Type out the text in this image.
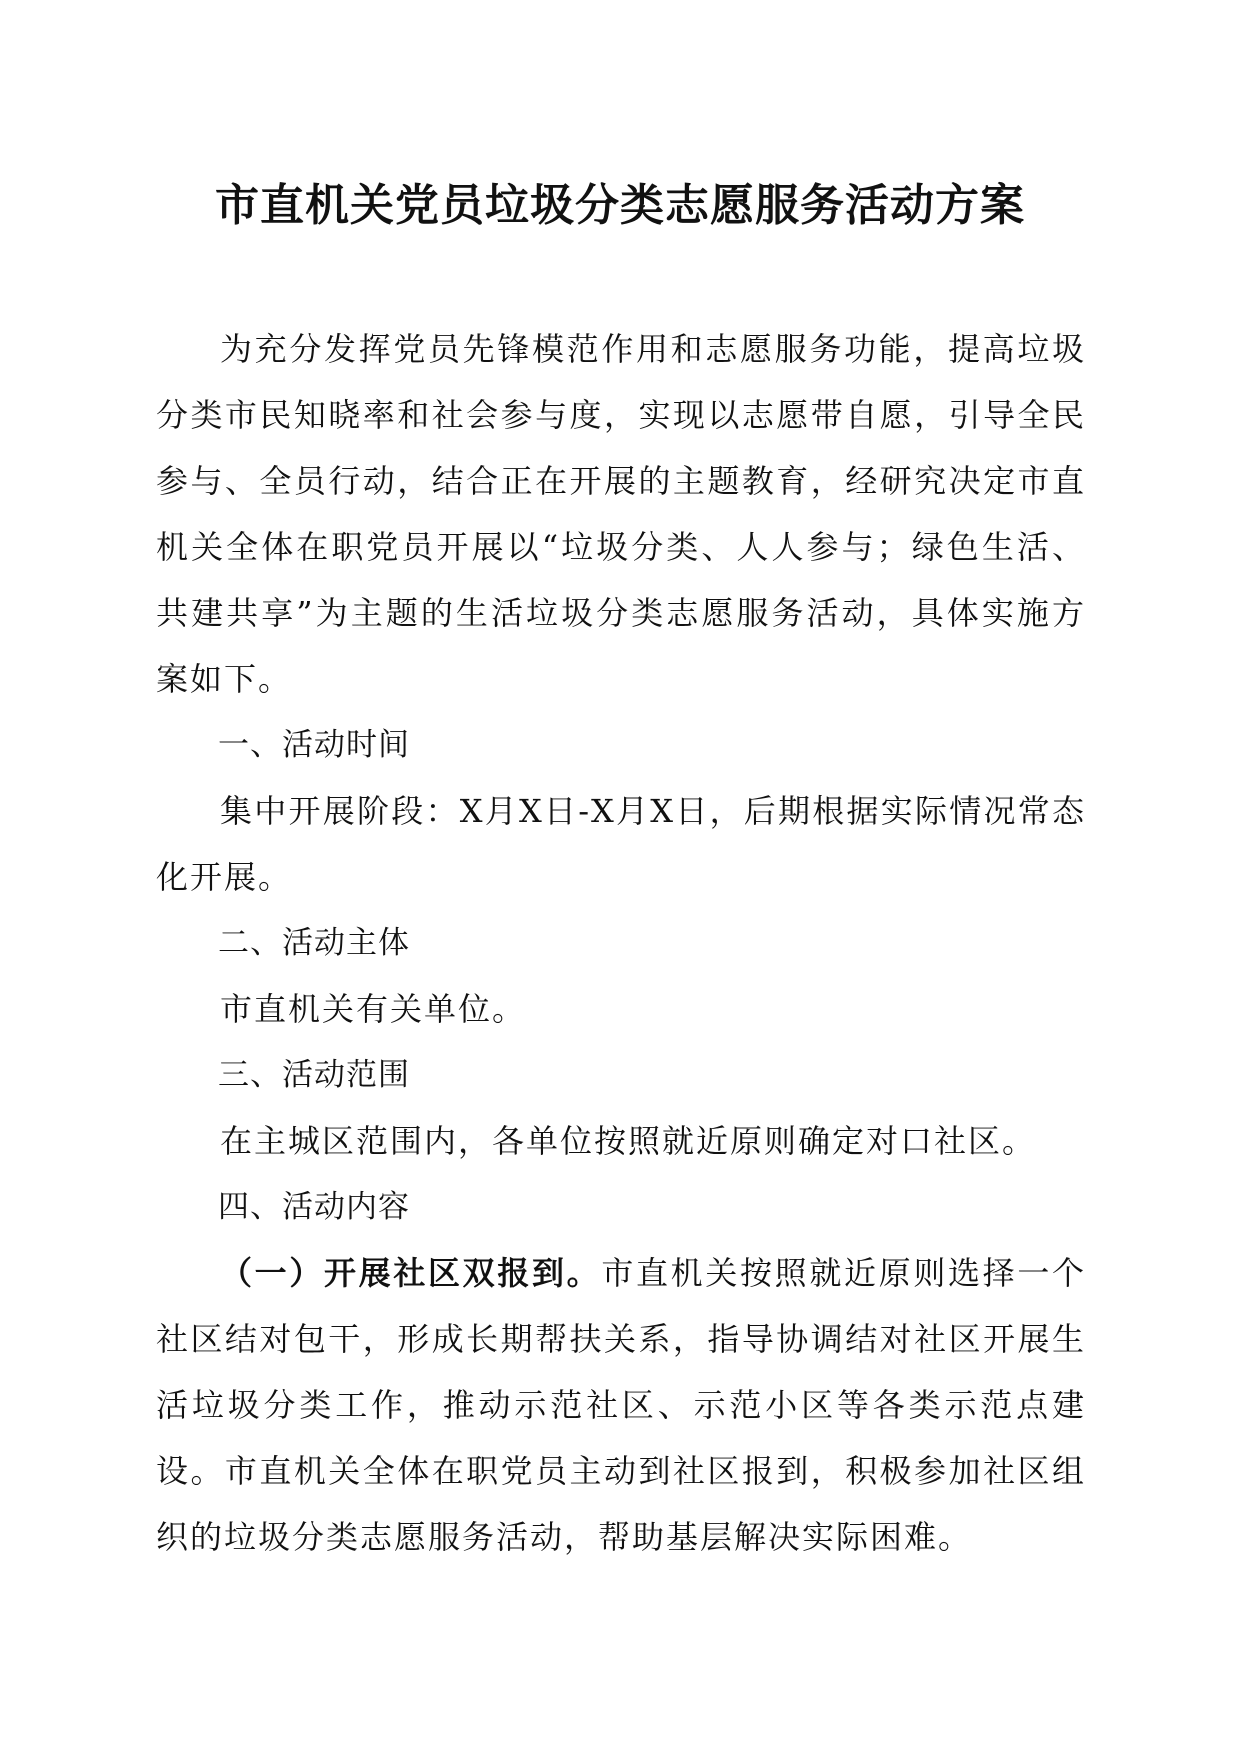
市直机关党员垃圾分类志愿服务活动方案

为充分发挥党员先锋模范作用和志愿服务功能，提高垃圾分类市民知晓率和社会参与度，实现以志愿带自愿，引导全民参与、全员行动，结合正在开展的主题教育，经研究决定市直机关全体在职党员开展以“垃圾分类、人人参与；绿色生活、共建共享”为主题的生活垃圾分类志愿服务活动，具体实施方案如下。

一、活动时间

集中开展阶段：X月X日-X月X日，后期根据实际情况常态化开展。

二、活动主体

市直机关有关单位。

三、活动范围

在主城区范围内，各单位按照就近原则确定对口社区。

四、活动内容

（一）开展社区双报到。市直机关按照就近原则选择一个社区结对包干，形成长期帮扶关系，指导协调结对社区开展生活垃圾分类工作，推动示范社区、示范小区等各类示范点建设。市直机关全体在职党员主动到社区报到，积极参加社区组织的垃圾分类志愿服务活动，帮助基层解决实际困难。
